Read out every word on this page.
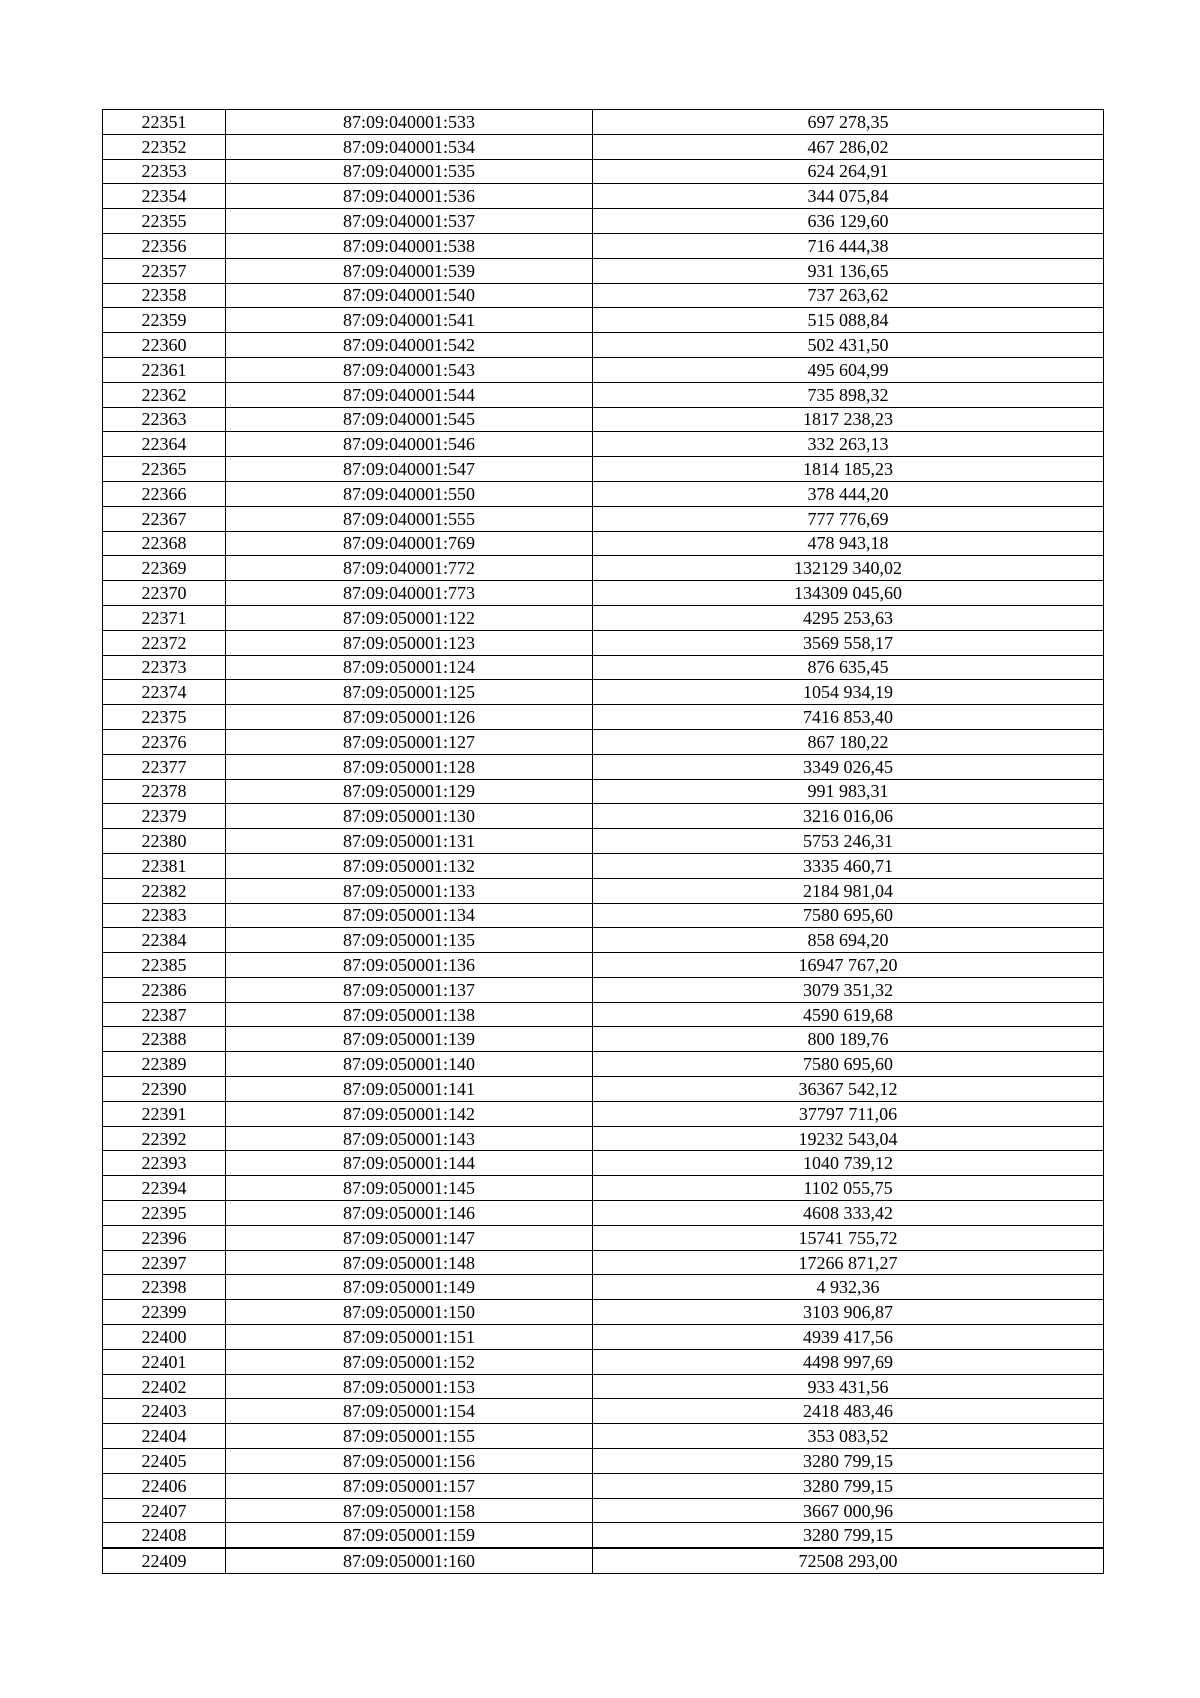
22351	87:09:040001:533	697 278,35
22352	87:09:040001:534	467 286,02
22353	87:09:040001:535	624 264,91
22354	87:09:040001:536	344 075,84
22355	87:09:040001:537	636 129,60
22356	87:09:040001:538	716 444,38
22357	87:09:040001:539	931 136,65
22358	87:09:040001:540	737 263,62
22359	87:09:040001:541	515 088,84
22360	87:09:040001:542	502 431,50
22361	87:09:040001:543	495 604,99
22362	87:09:040001:544	735 898,32
22363	87:09:040001:545	1817 238,23
22364	87:09:040001:546	332 263,13
22365	87:09:040001:547	1814 185,23
22366	87:09:040001:550	378 444,20
22367	87:09:040001:555	777 776,69
22368	87:09:040001:769	478 943,18
22369	87:09:040001:772	132129 340,02
22370	87:09:040001:773	134309 045,60
22371	87:09:050001:122	4295 253,63
22372	87:09:050001:123	3569 558,17
22373	87:09:050001:124	876 635,45
22374	87:09:050001:125	1054 934,19
22375	87:09:050001:126	7416 853,40
22376	87:09:050001:127	867 180,22
22377	87:09:050001:128	3349 026,45
22378	87:09:050001:129	991 983,31
22379	87:09:050001:130	3216 016,06
22380	87:09:050001:131	5753 246,31
22381	87:09:050001:132	3335 460,71
22382	87:09:050001:133	2184 981,04
22383	87:09:050001:134	7580 695,60
22384	87:09:050001:135	858 694,20
22385	87:09:050001:136	16947 767,20
22386	87:09:050001:137	3079 351,32
22387	87:09:050001:138	4590 619,68
22388	87:09:050001:139	800 189,76
22389	87:09:050001:140	7580 695,60
22390	87:09:050001:141	36367 542,12
22391	87:09:050001:142	37797 711,06
22392	87:09:050001:143	19232 543,04
22393	87:09:050001:144	1040 739,12
22394	87:09:050001:145	1102 055,75
22395	87:09:050001:146	4608 333,42
22396	87:09:050001:147	15741 755,72
22397	87:09:050001:148	17266 871,27
22398	87:09:050001:149	4 932,36
22399	87:09:050001:150	3103 906,87
22400	87:09:050001:151	4939 417,56
22401	87:09:050001:152	4498 997,69
22402	87:09:050001:153	933 431,56
22403	87:09:050001:154	2418 483,46
22404	87:09:050001:155	353 083,52
22405	87:09:050001:156	3280 799,15
22406	87:09:050001:157	3280 799,15
22407	87:09:050001:158	3667 000,96
22408	87:09:050001:159	3280 799,15
22409	87:09:050001:160	72508 293,00
